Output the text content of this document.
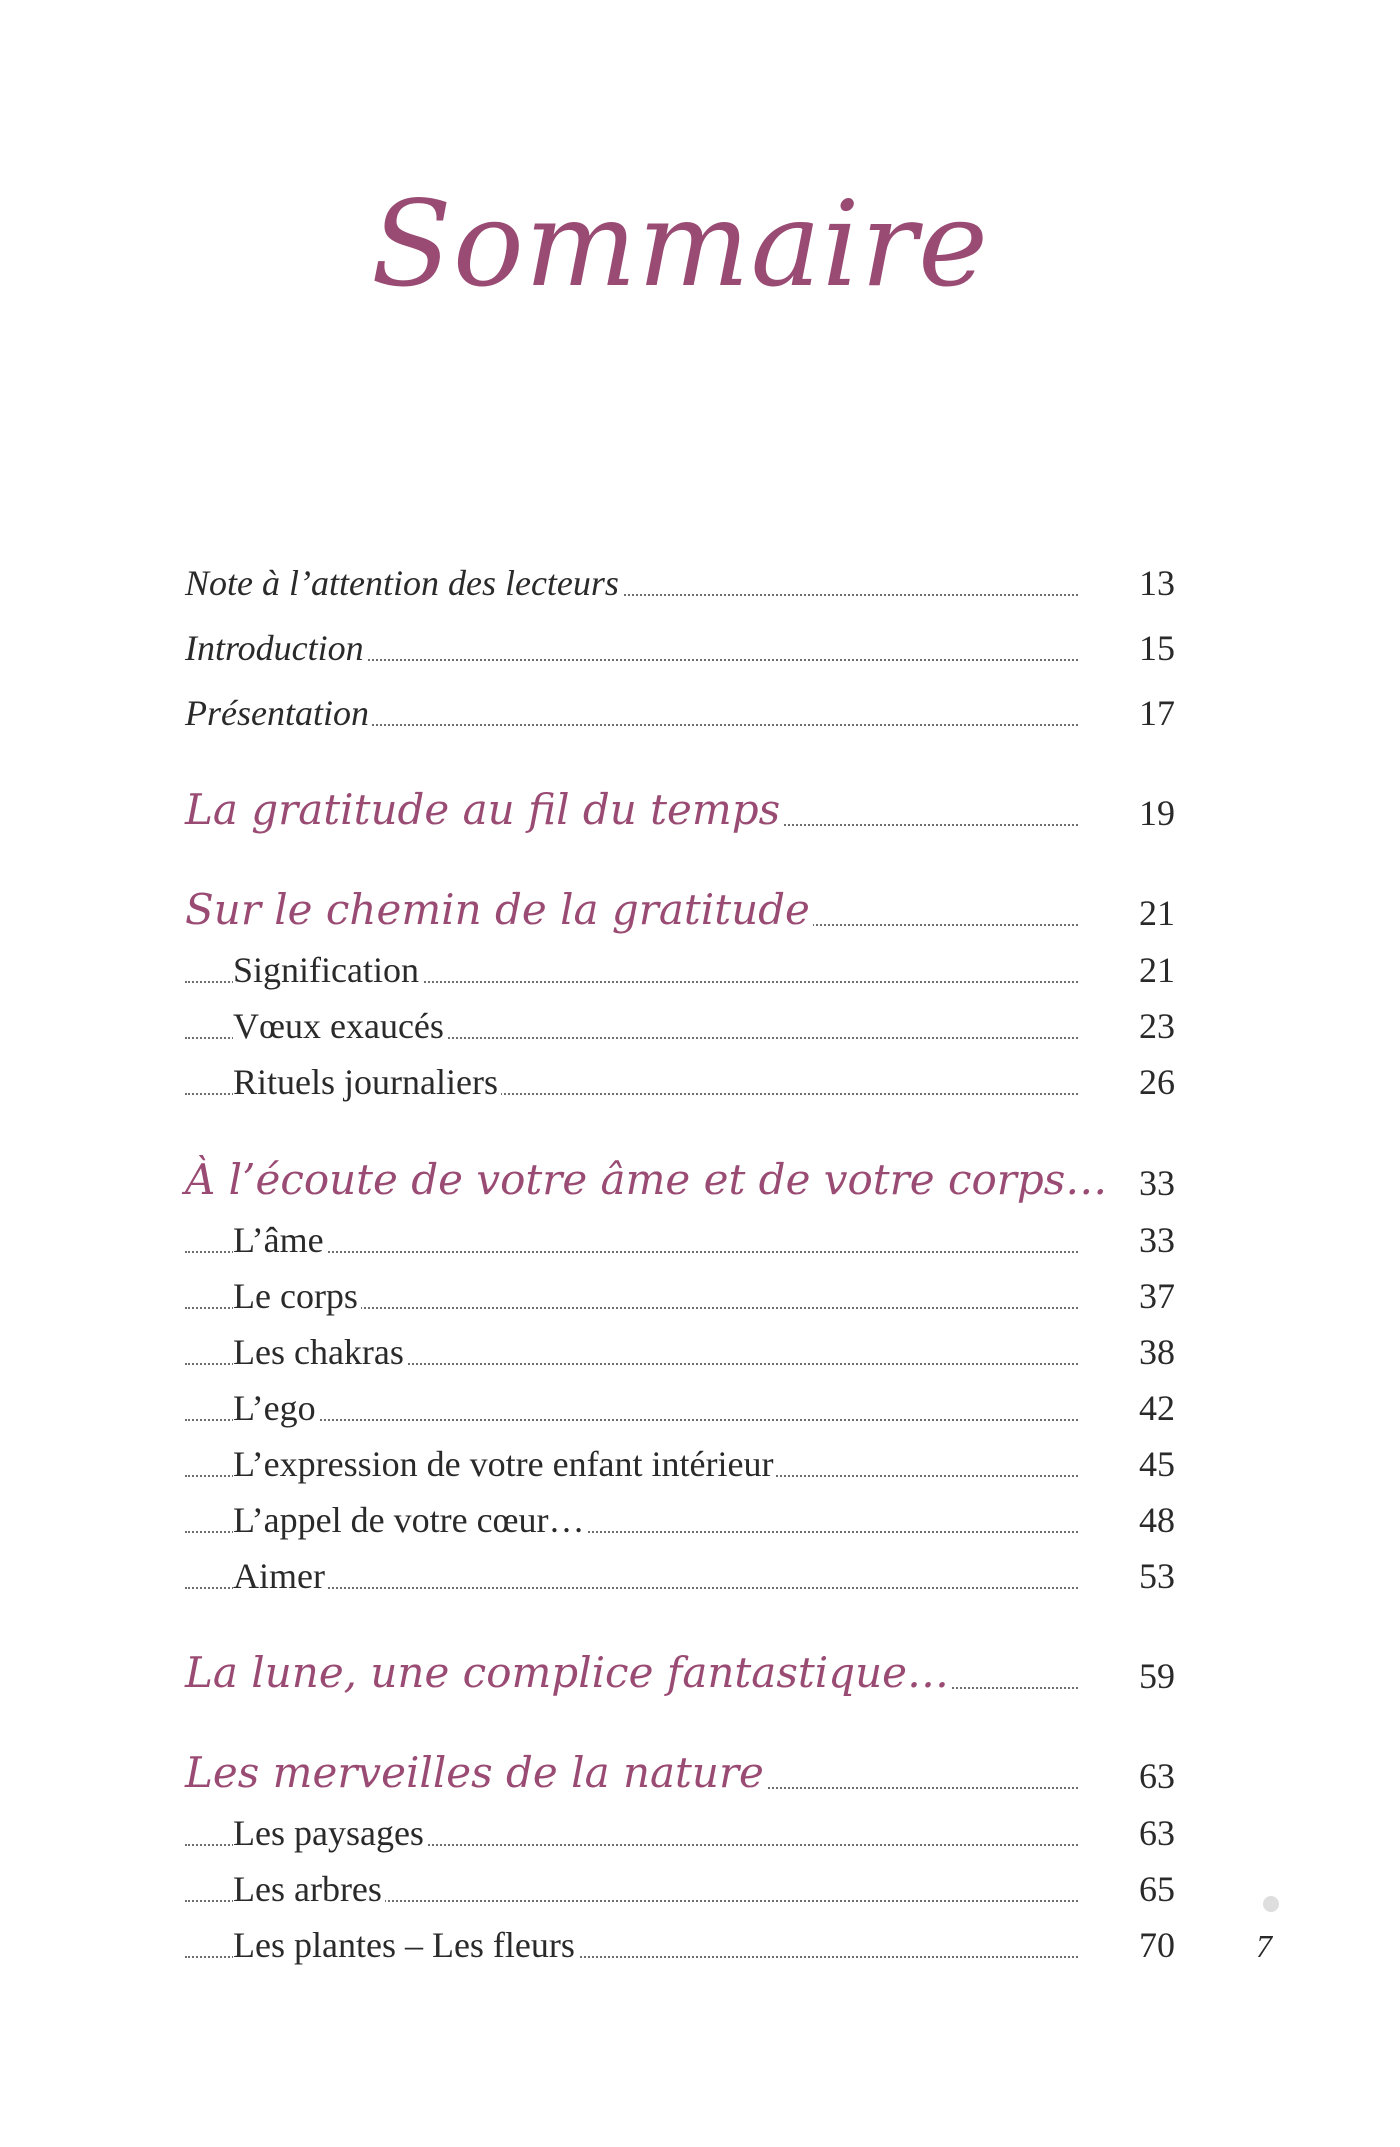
Sommaire
Note à l’attention des lecteurs	13
Introduction	15
Présentation	17
La gratitude au fil du temps	19
Sur le chemin de la gratitude	21
Signification	21
Vœux exaucés	23
Rituels journaliers	26
À l’écoute de votre âme et de votre corps… 33
L’âme	33
Le corps	37
Les chakras	38
L’ego	42
L’expression de votre enfant intérieur	45
L’appel de votre cœur…	48
Aimer	53
La lune, une complice fantastique…	59
Les merveilles de la nature	63
Les paysages	63
Les arbres	65
Les plantes – Les fleurs	70	7
